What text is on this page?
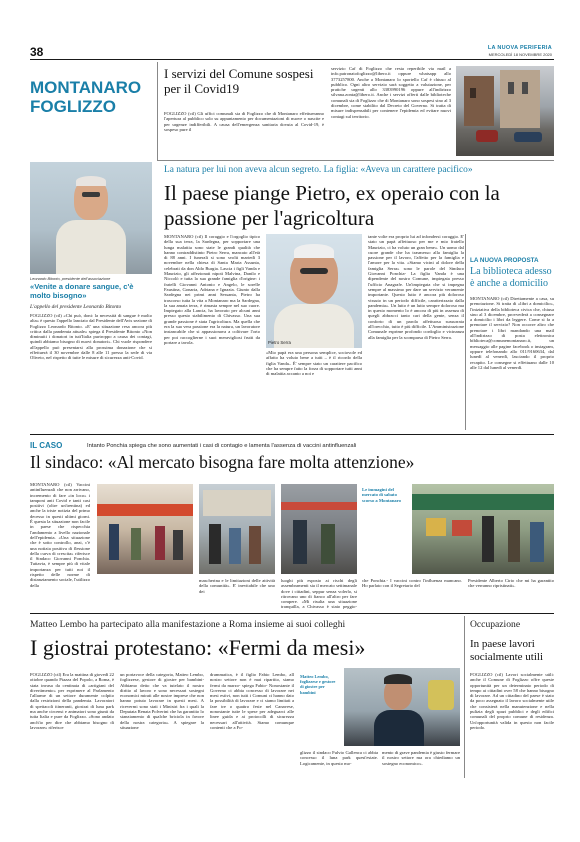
38	LA NUOVA PERIFERIA
MERCOLEDÌ 18 NOVEMBRE 2020
MONTANARO
FOGLIZZO
I servizi del Comune sospesi per il Covid19
FOGLIZZO (ctl) Gli uffici comunali sia di Foglizzo che di Montanaro effettueranno l'apertura al pubblico solo su appuntamento per documentazioni di nuove o nascite e per urgenze indifferibili. A causa dell'emergenza sanitaria dovuta al Covid-19, è sospeso pure il
servizio Caf di Foglizzo che resta reperibile via mail a info.patronatofoglizzo@libero.it oppure whatsapp allo 3773257800. Anche a Montanaro lo sportello Caf è chiuso al pubblico. Ogni altro servizio sarà soggetto a valutazione, per pratiche urgenti allo 3383990196 oppure all'indirizzo silvana.zonta@libero.it. Anche i servizi offerti dalle biblioteche comunali sia di Foglizzo che di Montanaro sono sospesi sino al 3 dicembre, come stabilito dal Decreto del Governo. Si tratta di misure indispensabili per contenere l'epidemia ed evitare nuovi contagi sul territorio.
Leonardo Bitonto, presidente dell'associazione
«Venite a donare sangue, c'è molto bisogno»
L'appello del presidente Leonardo Bitonto
FOGLIZZO (ctl) «Chi può, doni: la necessità di sangue è molto alta» è questo l'appello lanciato dal Presidente dell'Avis sezione di Foglizzo Leonardo Bitonto. «E' una situazione resa ancora più critica dalla pandemia attuale» spiega il Presidente Bitonto «Non diminuiti i donatori in tutt'Italia purtroppo a causa dei contagi, quindi abbiamo bisogno di nuovi donatori». Chi vuole rispondere all'appello può presentarsi alla prossima donazione che si effettuerà il 30 novembre dalle 8 alle 11 presso la sede di via Oliveto, nel rispetto di tutte le misure di sicurezza anti-Covid.
La natura per lui non aveva alcun segreto. La figlia: «Aveva un carattere pacifico»
Il paese piange Pietro, ex operaio con la passione per l'agricoltura
MONTANARO (ctl) Il coraggio e l'orgoglio tipico della sua terra, la Sardegna, per sopportare una lunga malattia sono state le grandi qualità che hanno contraddistinto Pietro Serra, mancato all'età di 88 anni. I funerali si sono svolti martedì 3 novembre nella chiesa di Santa Maria Assunta, celebrati da don Aldo Burgia. Lascia i figli Vanda e Maurizio, gli affezionati nipoti Malvina, Danilo e Niccolò e tutta la sua grande famiglia d'origine: i fratelli Giovanni Antonio e Angelo, le sorelle Faustina, Gonaria, Adriana e Ignazia. Giunto dalla Sardegna nei primi anni Sessanta, Pietro ha trascorso tutta la vita a Montanaro ma la Sardegna, la sua amata terra, è rimasta sempre nel suo cuore. Impiegato alla Lancia, ha lavorato per alcuni anni presso questo stabilimento di Chivasso. Una sua grande passione è stata l'agricoltura. Ma quella che era la sua vera passione era la natura, un lavoratore instancabile che si appassionava a coltivare l'orto per poi raccoglierne i suoi meravigliosi frutti da portare a tavola.	Pietro Serra
«Mio papà era una persona semplice, sociovole ed affatto ha voluto bene a tutti – è il ricordo della figlia Vanda– È' sempre stato un carattere pacifico che ha sempre fatto la forza di sopportare tutti anni di malattia accanto a noi e
tante volte era proprio lui ad infondersi coraggio. E' stato un papà affettuoso per me e mio fratello Maurizio, ci ha voluto un gran bene». Un uomo dal cuore grande che ha trasmesso alla famiglia la passione per il lavoro, l'affetto per la famiglia e l'amore per la vita. «Siamo vicini al dolore della famiglia Serra» sono le parole del Sindaco Giovanni Ponchia- La figlia Vanda è una dipendente del nostro Comune, impiegata presso l'ufficio Anagrafe. Un'impiegata che si impegna sempre al massimo per dare un servizio veramente importante. Questo lutto è ancora più doloroso vissuto in un periodo difficile, caratterizzato dalla pandemia». Un lutto è un lutto sempre doloroso ma in questo momento lo è ancora di più in assenza di quegli abbracci tanto cari della gente, senza il conforto di un parola affettuosa sussurrata all'orecchio, tutto è più difficile. L'Amministrazione Comunale esprime profondo cordoglio e vicinanza alla famiglia per la scomparsa di Pietro Serra.
LA NUOVA PROPOSTA
La biblioteca adesso è anche a domicilio
MONTANARO (ctl) Direttamente a casa, su prenotazione. Si tratta di «libri a domicilio», l'iniziativa della biblioteca civica che, chiusa sino al 3 dicembre, provvederà a consegnare a domicilio i libri da leggere. Come si fa a prenotare il servizio? Non occorre altro che prenotare i libri mandando una mail all'indirizzo di posta elettronica biblioteca@comunemontanaro.it, un messaggio alle pagine facebook o instagram, oppure telefonando allo 011/9160634, dal lunedì al venerdì, lasciando il proprio recapito. Le consegne si effettuano dalle 10 alle 12 dal lunedì al venerdì.
IL CASO	Intanto Ponchia spiega che sono aumentati i casi di contagio e lamenta l'assenza di vaccini antinfluenzali
Il sindaco: «Al mercato bisogna fare molta attenzione»
MONTANARO (ctl) Vaccini antinfluenzali che non arrivano, incremento di fare «in loco» i tamponi anti Covid e tanti casi positivi (oltre un'trentina) ed anche la triste notizia del primo decesso in questi ultimi giorni. È questa la situazione non facile in paese che rispecchia l'andamento a livello nazionale dell'epidemia. «Una situazione che è sotto controllo, anzi, c'è una notizia positiva di flessione della curva di crescita» riferisce il Sindaco Giovanni Ponchia. Tuttavia, è sempre più di vitale importanza per tutti noi il rispetto delle norme di distanziamento sociale, l'utilizzo della
mascherina e le limitazioni delle attività della comunità». E' inevitabile che uno dei
luoghi più esposto ai rischi degli assembramenti sia il mercato settimanale dove i cittadini, seppur senza volerlo, si ritrovano uno di fianco all'altro per fare compere. «Mi risulta una situazione tranquilla, a Chivasso è stato peggio-
Le immagini del mercato di sabato scorso a Montanaro
che Ponchia.- I vaccini contro l'influenza mancano. Ho parlato con il Segretario del
Presidente Alberto Cirio che mi ha garantito che verranno ripristinati».
Matteo Lembo ha partecipato alla manifestazione a Roma insieme ai suoi colleghi
I giostrai protestano: «Fermi da mesi»
FOGLIZZO (ctl) Era la mattina di giovedì 22 ottobre quando Piazza del Popolo, a Roma, è stata invasa da centinaia di «artigiani del divertimento» per esprimere al Parlamento l'allarme di un settore duramente colpito dalla restrizioni della pandemia. Lavoratori di spettacoli itineranti, giostrai di luna park ma anche circensi e animatori sono giunti da tutta Italia e pure da Foglizzo. «Sono andato anch'io per dire che abbiamo bisogno di lavorare» riferisce
un portavoce della categoria, Matteo Lembo, foglizzese, gestore di giostre per bambini- Abbiamo detto che va tutelato il nostro diritto al lavoro e sono necessari sostegni economici mirati alle nostre imprese che non hanno potuto lavorare in questi mesi. A ricevermi sono stati i Ministri fra i quali la Deputata Renata Polverini che ha garantito lo stanziamento di qualche briciola in favore della nostra categoria». A spiegare la situazione
drammatica, è il figlio Fabio Lembo, all nostro settore non è mai ripartito, siamo fermi da marzo- spiega Fabio- Nonostante il Governo ci abbia concesso di lavorare nei mesi estivi, non tutti i Comuni ci hanno dato la possibilità di lavorare e ci siamo limitati a fare tre o quattro feste nel Canavese, nonostante tutte le spese per adeguarci alle linee guida e ai protocolli di sicurezza necessari all'attività. Siamo comunque contenti che a Fo-
Matteo Lembo, foglizzese e gestore di giostre per bambini
glizzo il sindaco Fulvio Gallenca ci abbia concesso il luna park quest'estate. Logicamente, in questo mo-
mento di grave pandemia è giusto fermare il nostro settore ma ora chiediamo un sostegno economico».
Occupazione
In paese lavori socialmente utili
FOGLIZZO (ctl) Lavori socialmente utili: anche il Comune di Foglizzo offre queste opportunità per un determinato periodo di tempo ai cittadini over 58 che hanno bisogno di lavorare. Ad un cittadino del paese è stato da poco assegnato il lavoro socialmente utile che consisterà nella manutenzione e nella pulizia degli spazi pubblici e degli edifici comunali del proprio comune di residenza. Un'opportunità valida in questo non facile periodo.
